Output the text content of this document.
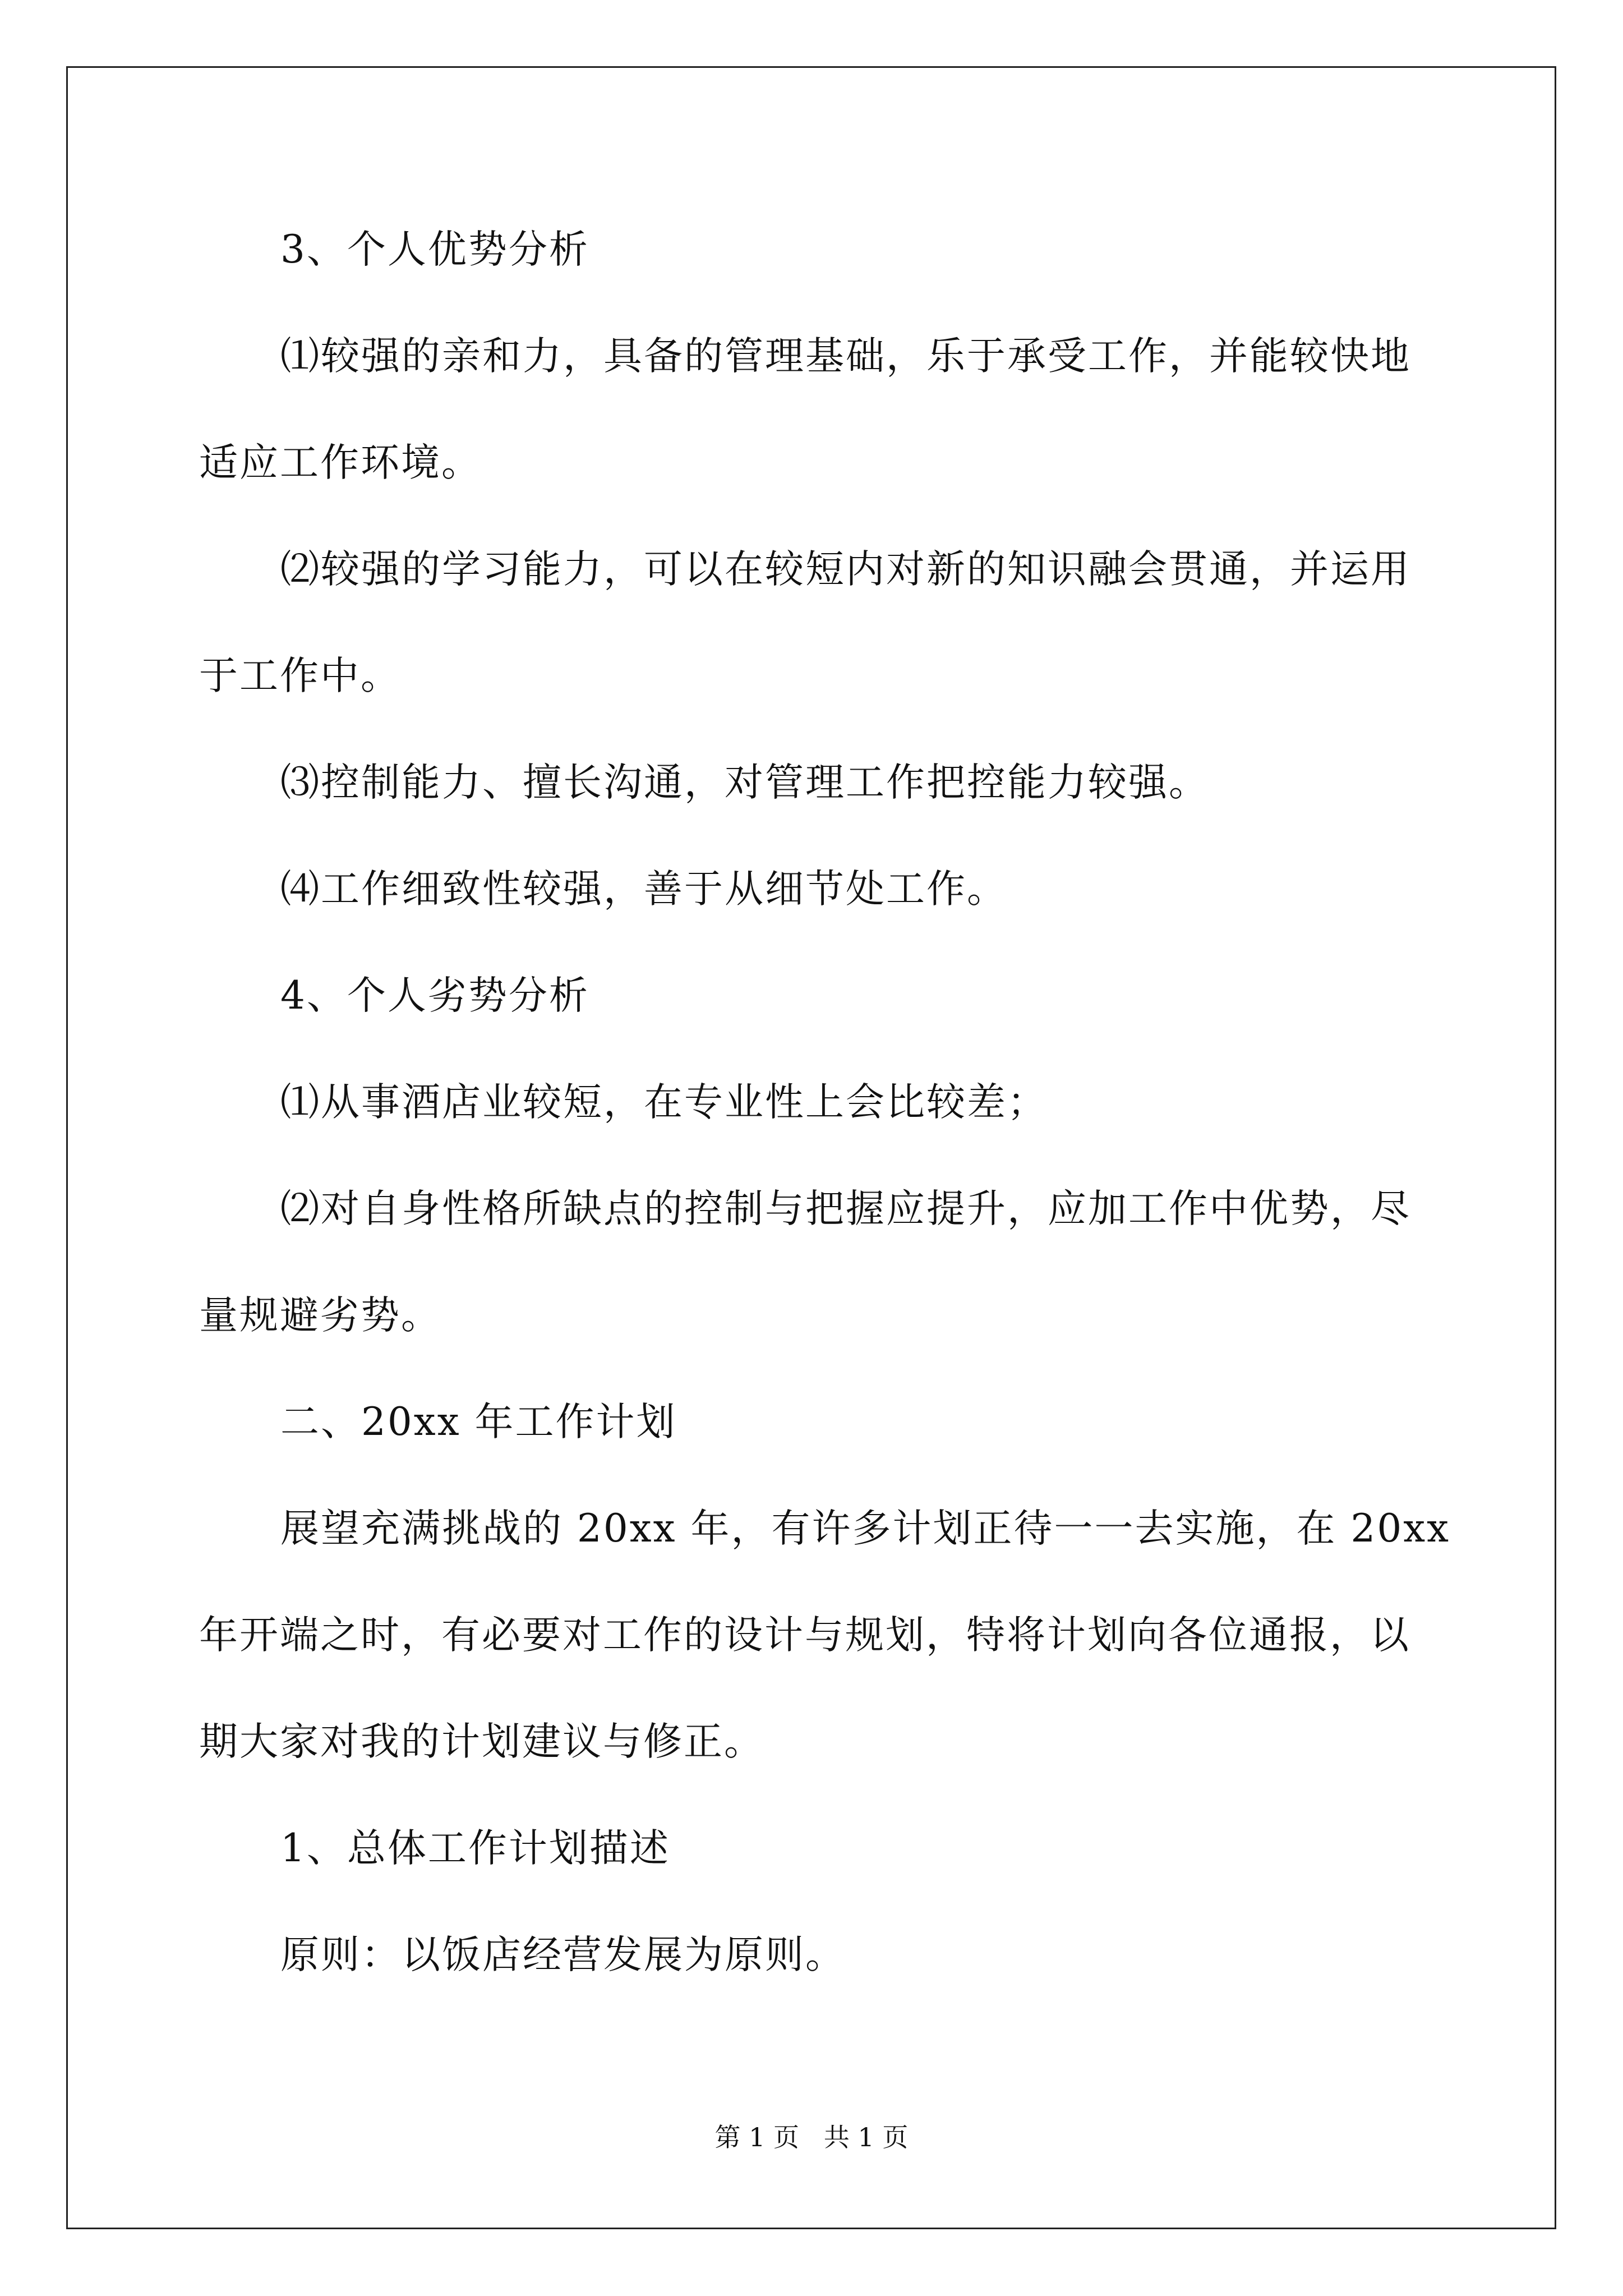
3、个人优势分析
⑴较强的亲和力，具备的管理基础，乐于承受工作，并能较快地
适应工作环境。
⑵较强的学习能力，可以在较短内对新的知识融会贯通，并运用
于工作中。
⑶控制能力、擅长沟通，对管理工作把控能力较强。
⑷工作细致性较强，善于从细节处工作。
4、个人劣势分析
⑴从事酒店业较短，在专业性上会比较差；
⑵对自身性格所缺点的控制与把握应提升，应加工作中优势，尽
量规避劣势。
二、20xx 年工作计划
展望充满挑战的 20xx 年，有许多计划正待一一去实施，在 20xx
年开端之时，有必要对工作的设计与规划，特将计划向各位通报，以
期大家对我的计划建议与修正。
1、总体工作计划描述
原则：以饭店经营发展为原则。
第 1 页   共 1 页
